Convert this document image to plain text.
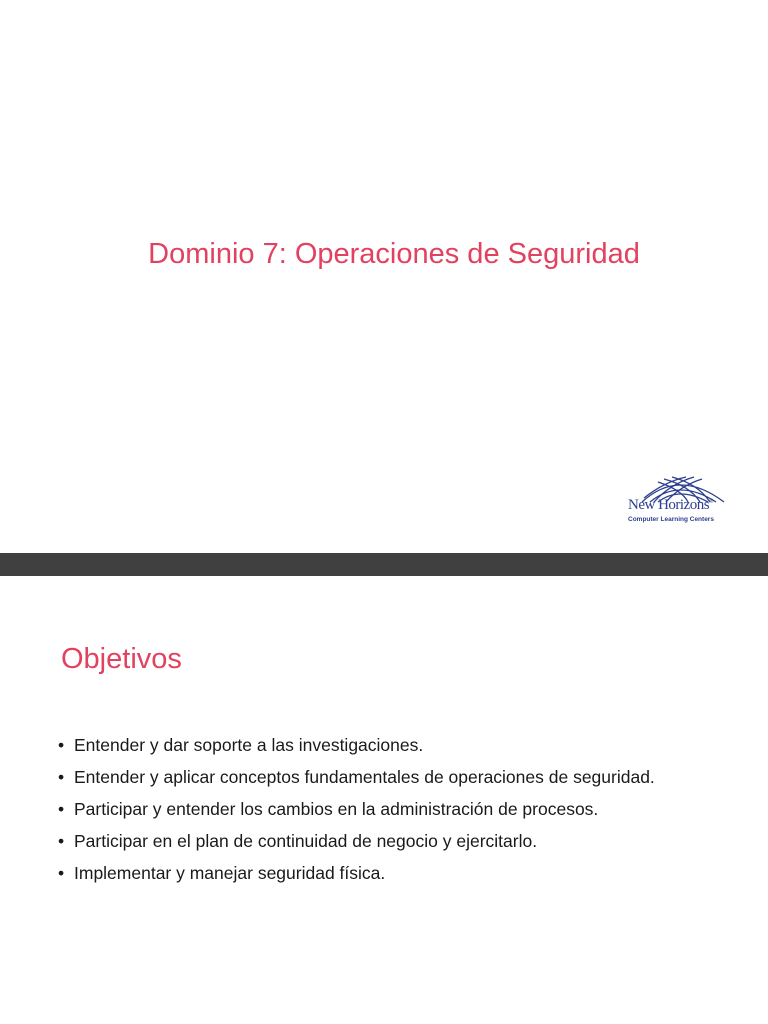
Dominio 7: Operaciones de Seguridad
New Horizons®
Computer Learning Centers
Objetivos
• Entender y dar soporte a las investigaciones.
• Entender y aplicar conceptos fundamentales de operaciones de seguridad.
• Participar y entender los cambios en la administración de procesos.
• Participar en el plan de continuidad de negocio y ejercitarlo.
• Implementar y manejar seguridad física.
